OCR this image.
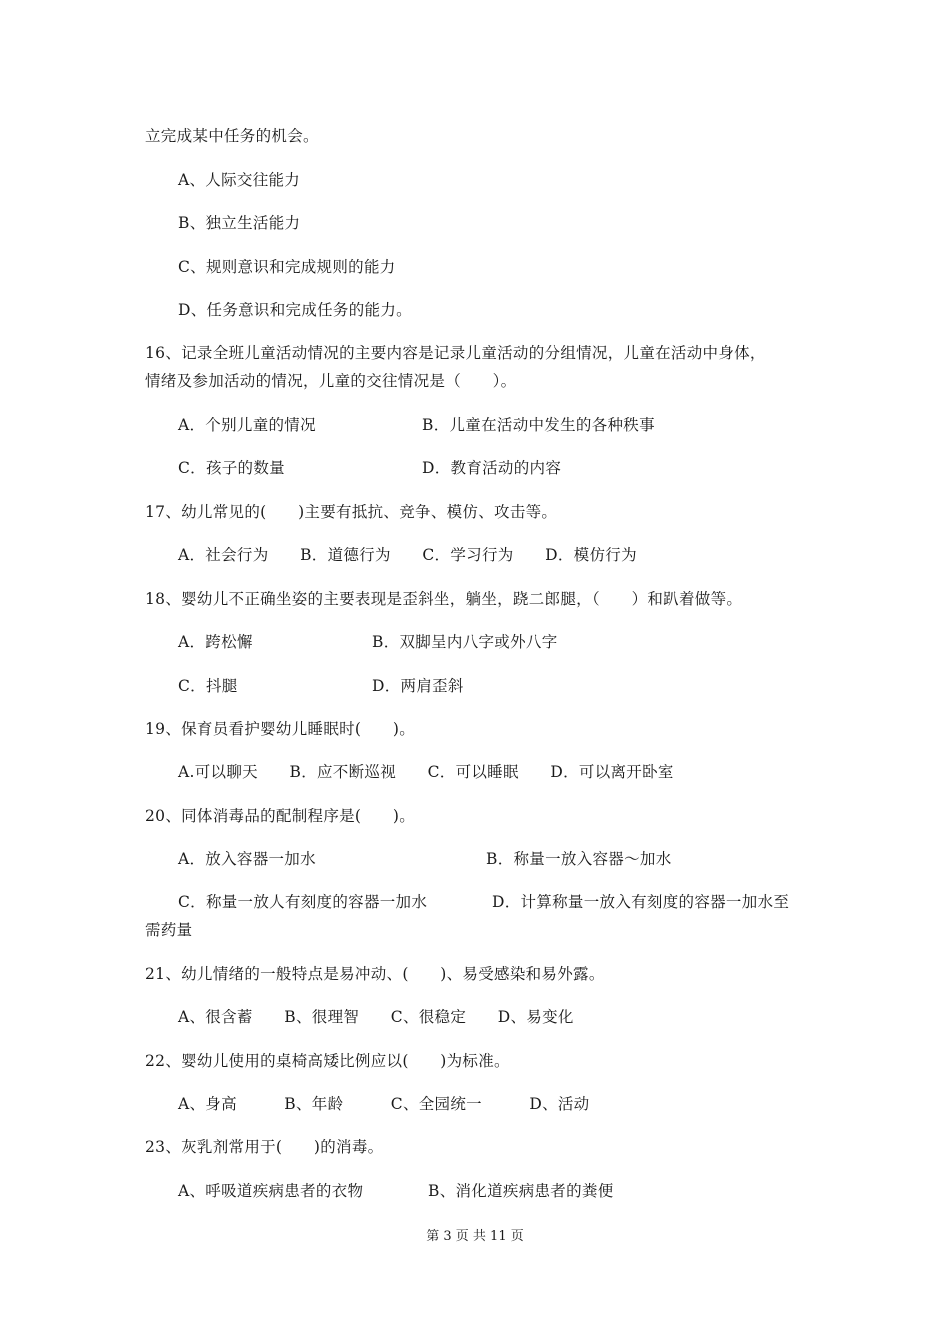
立完成某中任务的机会。
A、人际交往能力
B、独立生活能力
C、规则意识和完成规则的能力
D、任务意识和完成任务的能力。
16、记录全班儿童活动情况的主要内容是记录儿童活动的分组情况，儿童在活动中身体，
情绪及参加活动的情况，儿童的交往情况是（　　）。
A．个别儿童的情况	B．儿童在活动中发生的各种秩事
C．孩子的数量	D．教育活动的内容
17、幼儿常见的(　　)主要有抵抗、竞争、模仿、攻击等。
A．社会行为　　B．道德行为　　C．学习行为　　D．模仿行为
18、婴幼儿不正确坐姿的主要表现是歪斜坐，躺坐，跷二郎腿，（　　）和趴着做等。
A．跨松懈	B．双脚呈内八字或外八字
C．抖腿	D．两肩歪斜
19、保育员看护婴幼儿睡眠时(　　)。
A.可以聊天　　B．应不断巡视　　C．可以睡眠　　D．可以离开卧室
20、同体消毒品的配制程序是(　　)。
A．放入容器一加水	B．称量一放入容器～加水
C．称量一放人有刻度的容器一加水	D．计算称量一放入有刻度的容器一加水至
需药量
21、幼儿情绪的一般特点是易冲动、(　　)、易受感染和易外露。
A、很含蓄　　B、很理智　　C、很稳定　　D、易变化
22、婴幼儿使用的桌椅高矮比例应以(　　)为标准。
A、身高　　　B、年龄　　　C、全园统一　　　D、活动
23、灰乳剂常用于(　　)的消毒。
A、呼吸道疾病患者的衣物	B、消化道疾病患者的粪便
第 3 页 共 11 页
